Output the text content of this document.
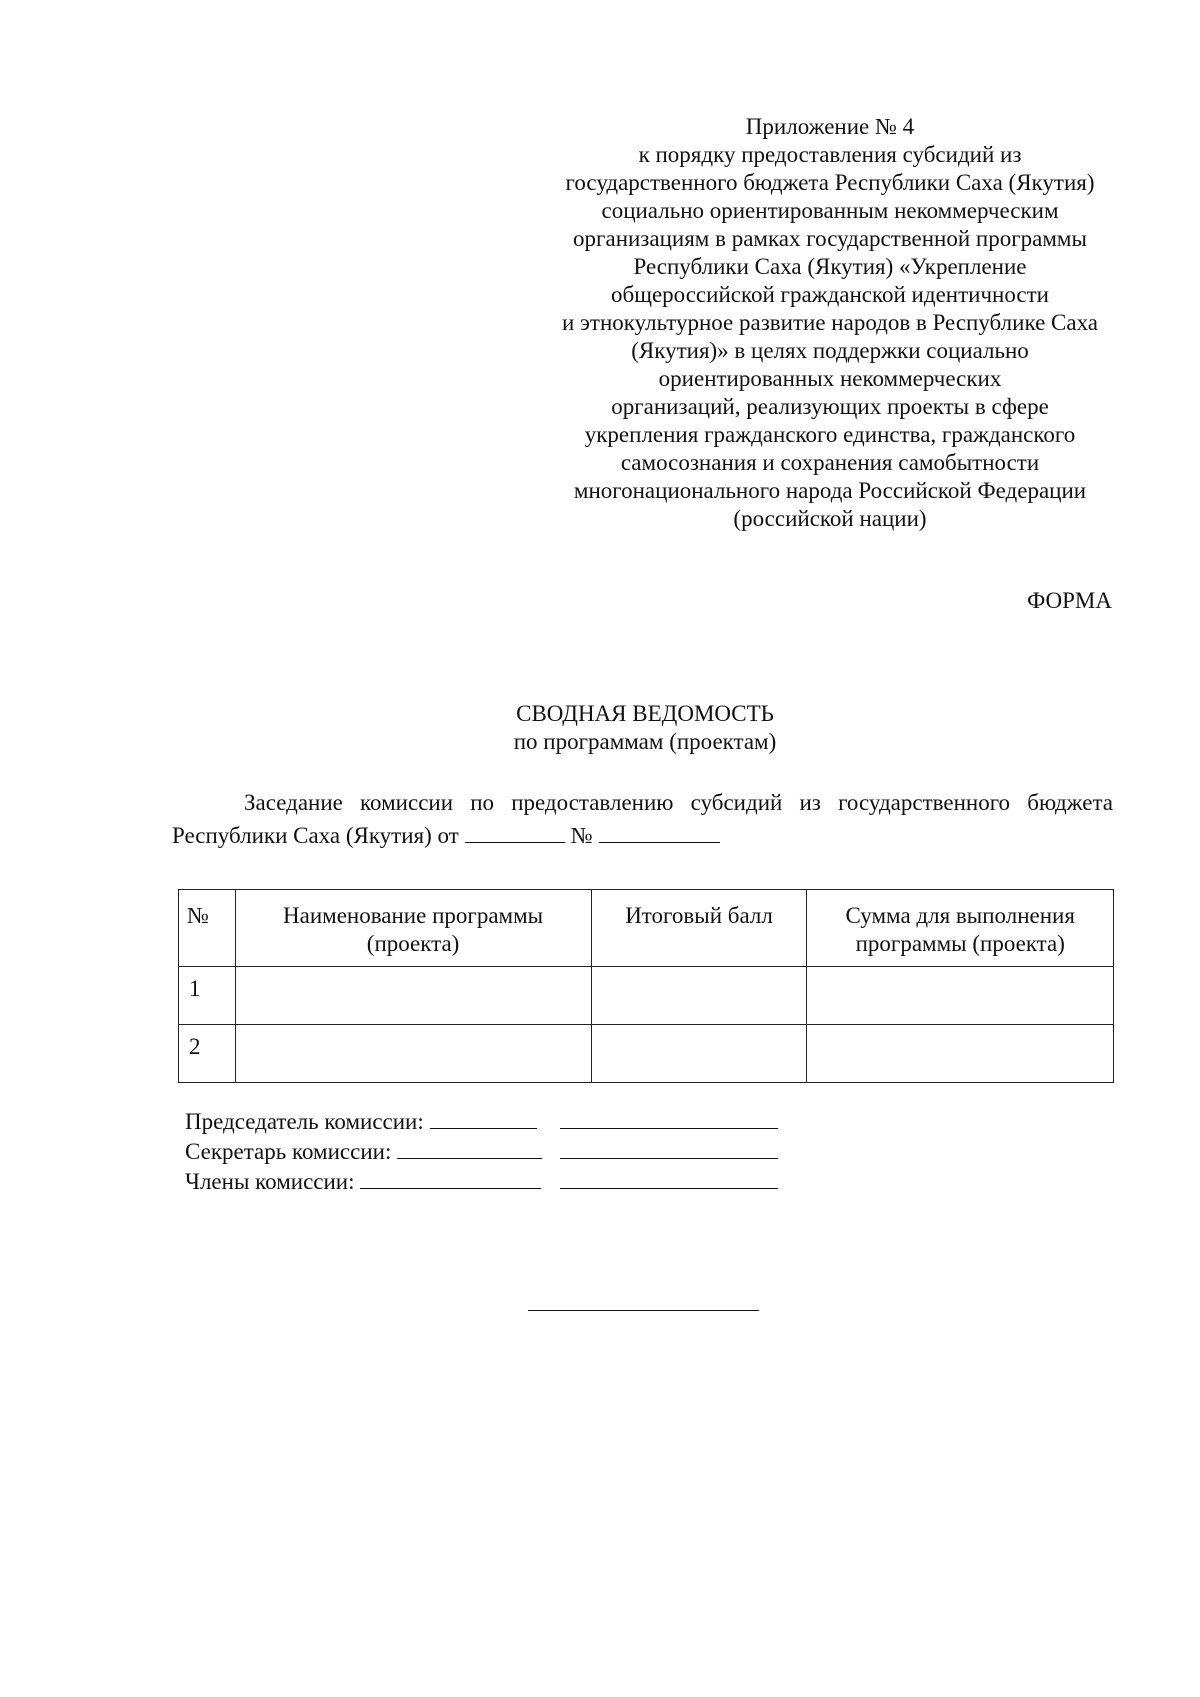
Приложение № 4
к порядку предоставления субсидий из
государственного бюджета Республики Саха (Якутия)
социально ориентированным некоммерческим
организациям в рамках государственной программы
Республики Саха (Якутия) «Укрепление
общероссийской гражданской идентичности
и этнокультурное развитие народов в Республике Саха
(Якутия)» в целях поддержки социально
ориентированных некоммерческих
организаций, реализующих проекты в сфере
укрепления гражданского единства, гражданского
самосознания и сохранения самобытности
многонационального народа Российской Федерации
(российской нации)
ФОРМА
СВОДНАЯ ВЕДОМОСТЬ
по программам (проектам)
Заседание комиссии по предоставлению субсидий из государственного бюджета
Республики Саха (Якутия) от	№
№	Наименование программы (проекта)	Итоговый балл	Сумма для выполнения программы (проекта)
1			
2			
Председатель комиссии:
Секретарь комиссии:
Члены комиссии:
